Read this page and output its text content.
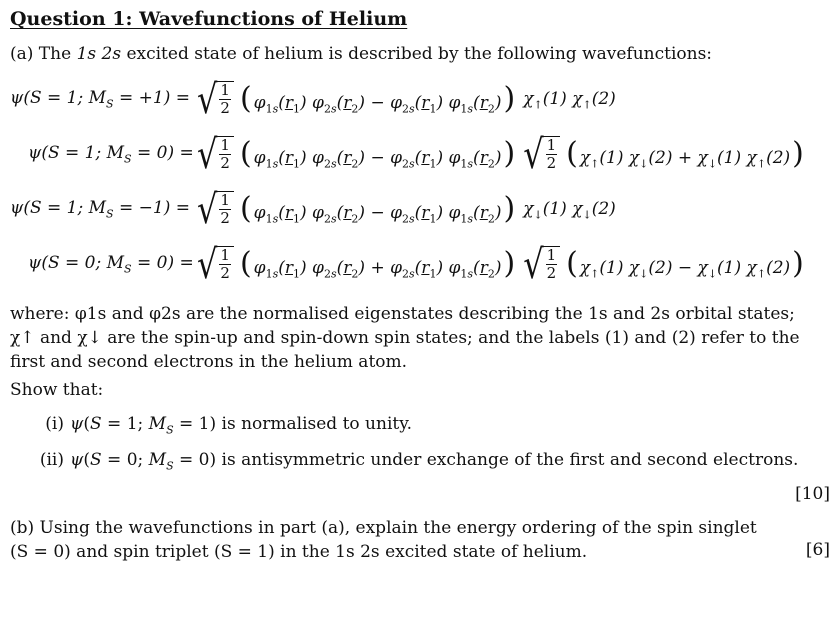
Question 1: Wavefunctions of Helium

(a) The 1s 2s excited state of helium is described by the following wavefunctions:

ψ(S = 1; $M_S = +1$) = √ $\frac{1}{2}$ ( $\varphi_{1s}(r_1) \varphi_{2s}(r_2) - \varphi_{2s}(r_1)$ $\varphi_{1s}(r_2)$) $\chi_↑(1)$ $\chi_↑(2)$
ψ(S = 1; $M_S = 0$) = √ $\frac{1}{2}$ ( $\varphi_{1s}(r_1) \varphi_{2s}(r_2) - \varphi_{2s}(r_1)$ $\varphi_{1s}(r_2)$) √ $\frac{1}{2}$ ( $\chi_↑(1) \chi_↓(2) + \chi_↓(1)$ $\chi_↑(2)$)
ψ(S = 1; $M_S = -1$) = √ $\frac{1}{2}$ ( $\varphi_{1s}(r_1) \varphi_{2s}(r_2) - \varphi_{2s}(r_1)$ $\varphi_{1s}(r_2)$) $\chi_↓(1)$ $\chi_↓(2)$
ψ(S = 0; $M_S = 0$) = √ $\frac{1}{2}$ ( $\varphi_{1s}(r_1) \varphi_{2s}(r_2) + \varphi_{2s}(r_1)$ $\varphi_{1s}(r_2)$) √ $\frac{1}{2}$ ( $\chi_↑(1) \chi_↓(2) - \chi_↓(1)$ $\chi_↑(2)$)

where: φ1s and φ2s are the normalised eigenstates describing the 1s and 2s orbital states;

χ↑ and χ↓ are the spin-up and spin-down spin states; and the labels (1) and (2) refer to the

first and second electrons in the helium atom.

Show that:

(i) ψ(S = 1; $M_S = 1$) is normalised to unity.
(ii) ψ(S = 0; $M_S = 0$) is antisymmetric under exchange of the first and second electrons.
[10]

(b) Using the wavefunctions in part (a), explain the energy ordering of the spin singlet

(S = 0) and spin triplet (S = 1) in the 1s 2s excited state of helium.	[6]
